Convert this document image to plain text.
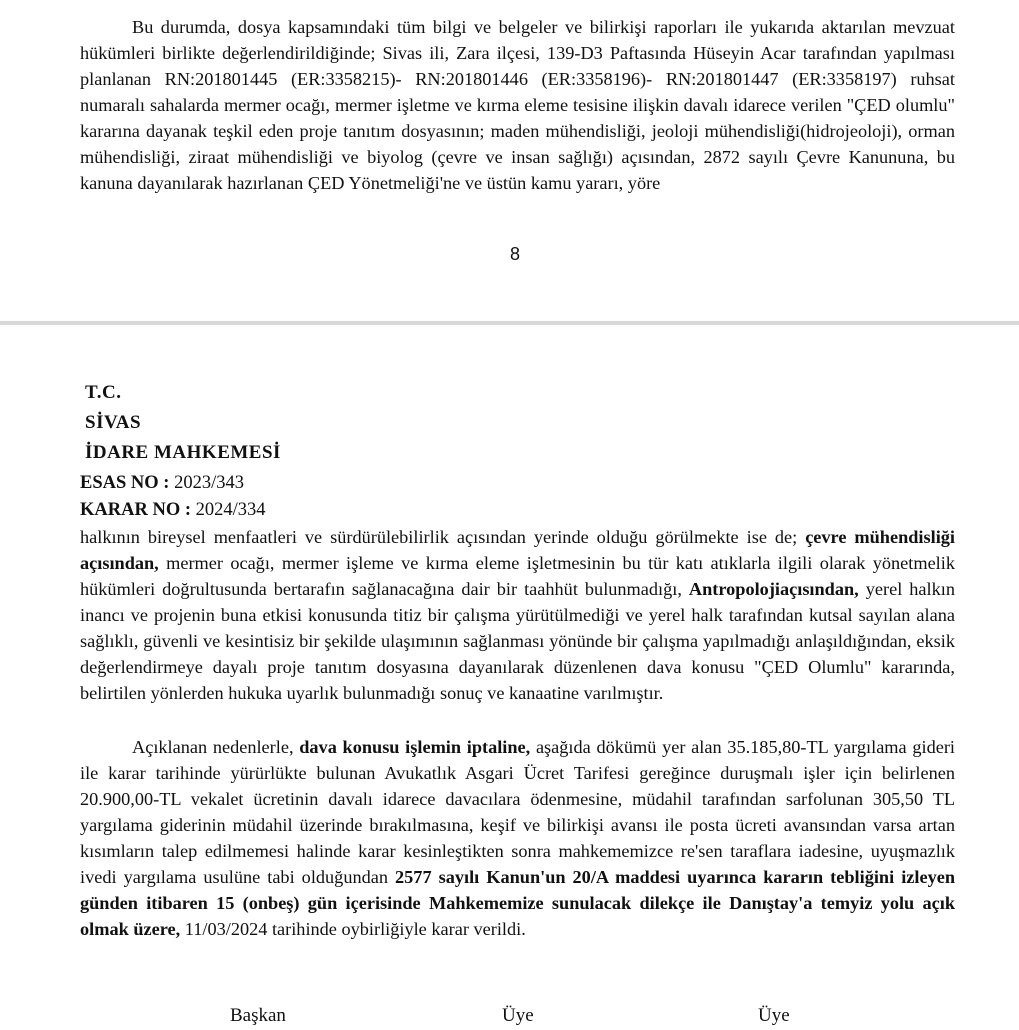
Bu durumda, dosya kapsamındaki tüm bilgi ve belgeler ve bilirkişi raporları ile yukarıda aktarılan mevzuat hükümleri birlikte değerlendirildiğinde; Sivas ili, Zara ilçesi, 139-D3 Paftasında Hüseyin Acar tarafından yapılması planlanan RN:201801445 (ER:3358215)- RN:201801446 (ER:3358196)- RN:201801447 (ER:3358197) ruhsat numaralı sahalarda mermer ocağı, mermer işletme ve kırma eleme tesisine ilişkin davalı idarece verilen "ÇED olumlu" kararına dayanak teşkil eden proje tanıtım dosyasının; maden mühendisliği, jeoloji mühendisliği(hidrojeoloji), orman mühendisliği, ziraat mühendisliği ve biyolog (çevre ve insan sağlığı) açısından, 2872 sayılı Çevre Kanununa, bu kanuna dayanılarak hazırlanan ÇED Yönetmeliği'ne ve üstün kamu yararı, yöre

8
T.C.
SİVAS
İDARE MAHKEMESİ
ESAS NO : 2023/343
KARAR NO : 2024/334

halkının bireysel menfaatleri ve sürdürülebilirlik açısından yerinde olduğu görülmekte ise de; çevre mühendisliği açısından, mermer ocağı, mermer işleme ve kırma eleme işletmesinin bu tür katı atıklarla ilgili olarak yönetmelik hükümleri doğrultusunda bertarafın sağlanacağına dair bir taahhüt bulunmadığı, Antropolojiaçısından, yerel halkın inancı ve projenin buna etkisi konusunda titiz bir çalışma yürütülmediği ve yerel halk tarafından kutsal sayılan alana sağlıklı, güvenli ve kesintisiz bir şekilde ulaşımının sağlanması yönünde bir çalışma yapılmadığı anlaşıldığından, eksik değerlendirmeye dayalı proje tanıtım dosyasına dayanılarak düzenlenen dava konusu "ÇED Olumlu" kararında, belirtilen yönlerden hukuka uyarlık bulunmadığı sonuç ve kanaatine varılmıştır.

Açıklanan nedenlerle, dava konusu işlemin iptaline, aşağıda dökümü yer alan 35.185,80-TL yargılama gideri ile karar tarihinde yürürlükte bulunan Avukatlık Asgari Ücret Tarifesi gereğince duruşmalı işler için belirlenen 20.900,00-TL vekalet ücretinin davalı idarece davacılara ödenmesine, müdahil tarafından sarfolunan 305,50 TL yargılama giderinin müdahil üzerinde bırakılmasına, keşif ve bilirkişi avansı ile posta ücreti avansından varsa artan kısımların talep edilmemesi halinde karar kesinleştikten sonra mahkememizce re'sen taraflara iadesine, uyuşmazlık ivedi yargılama usulüne tabi olduğundan 2577 sayılı Kanun'un 20/A maddesi uyarınca kararın tebliğini izleyen günden itibaren 15 (onbeş) gün içerisinde Mahkememize sunulacak dilekçe ile Danıştay'a temyiz yolu açık olmak üzere, 11/03/2024 tarihinde oybirliğiyle karar verildi.

Başkan	Üye	Üye
